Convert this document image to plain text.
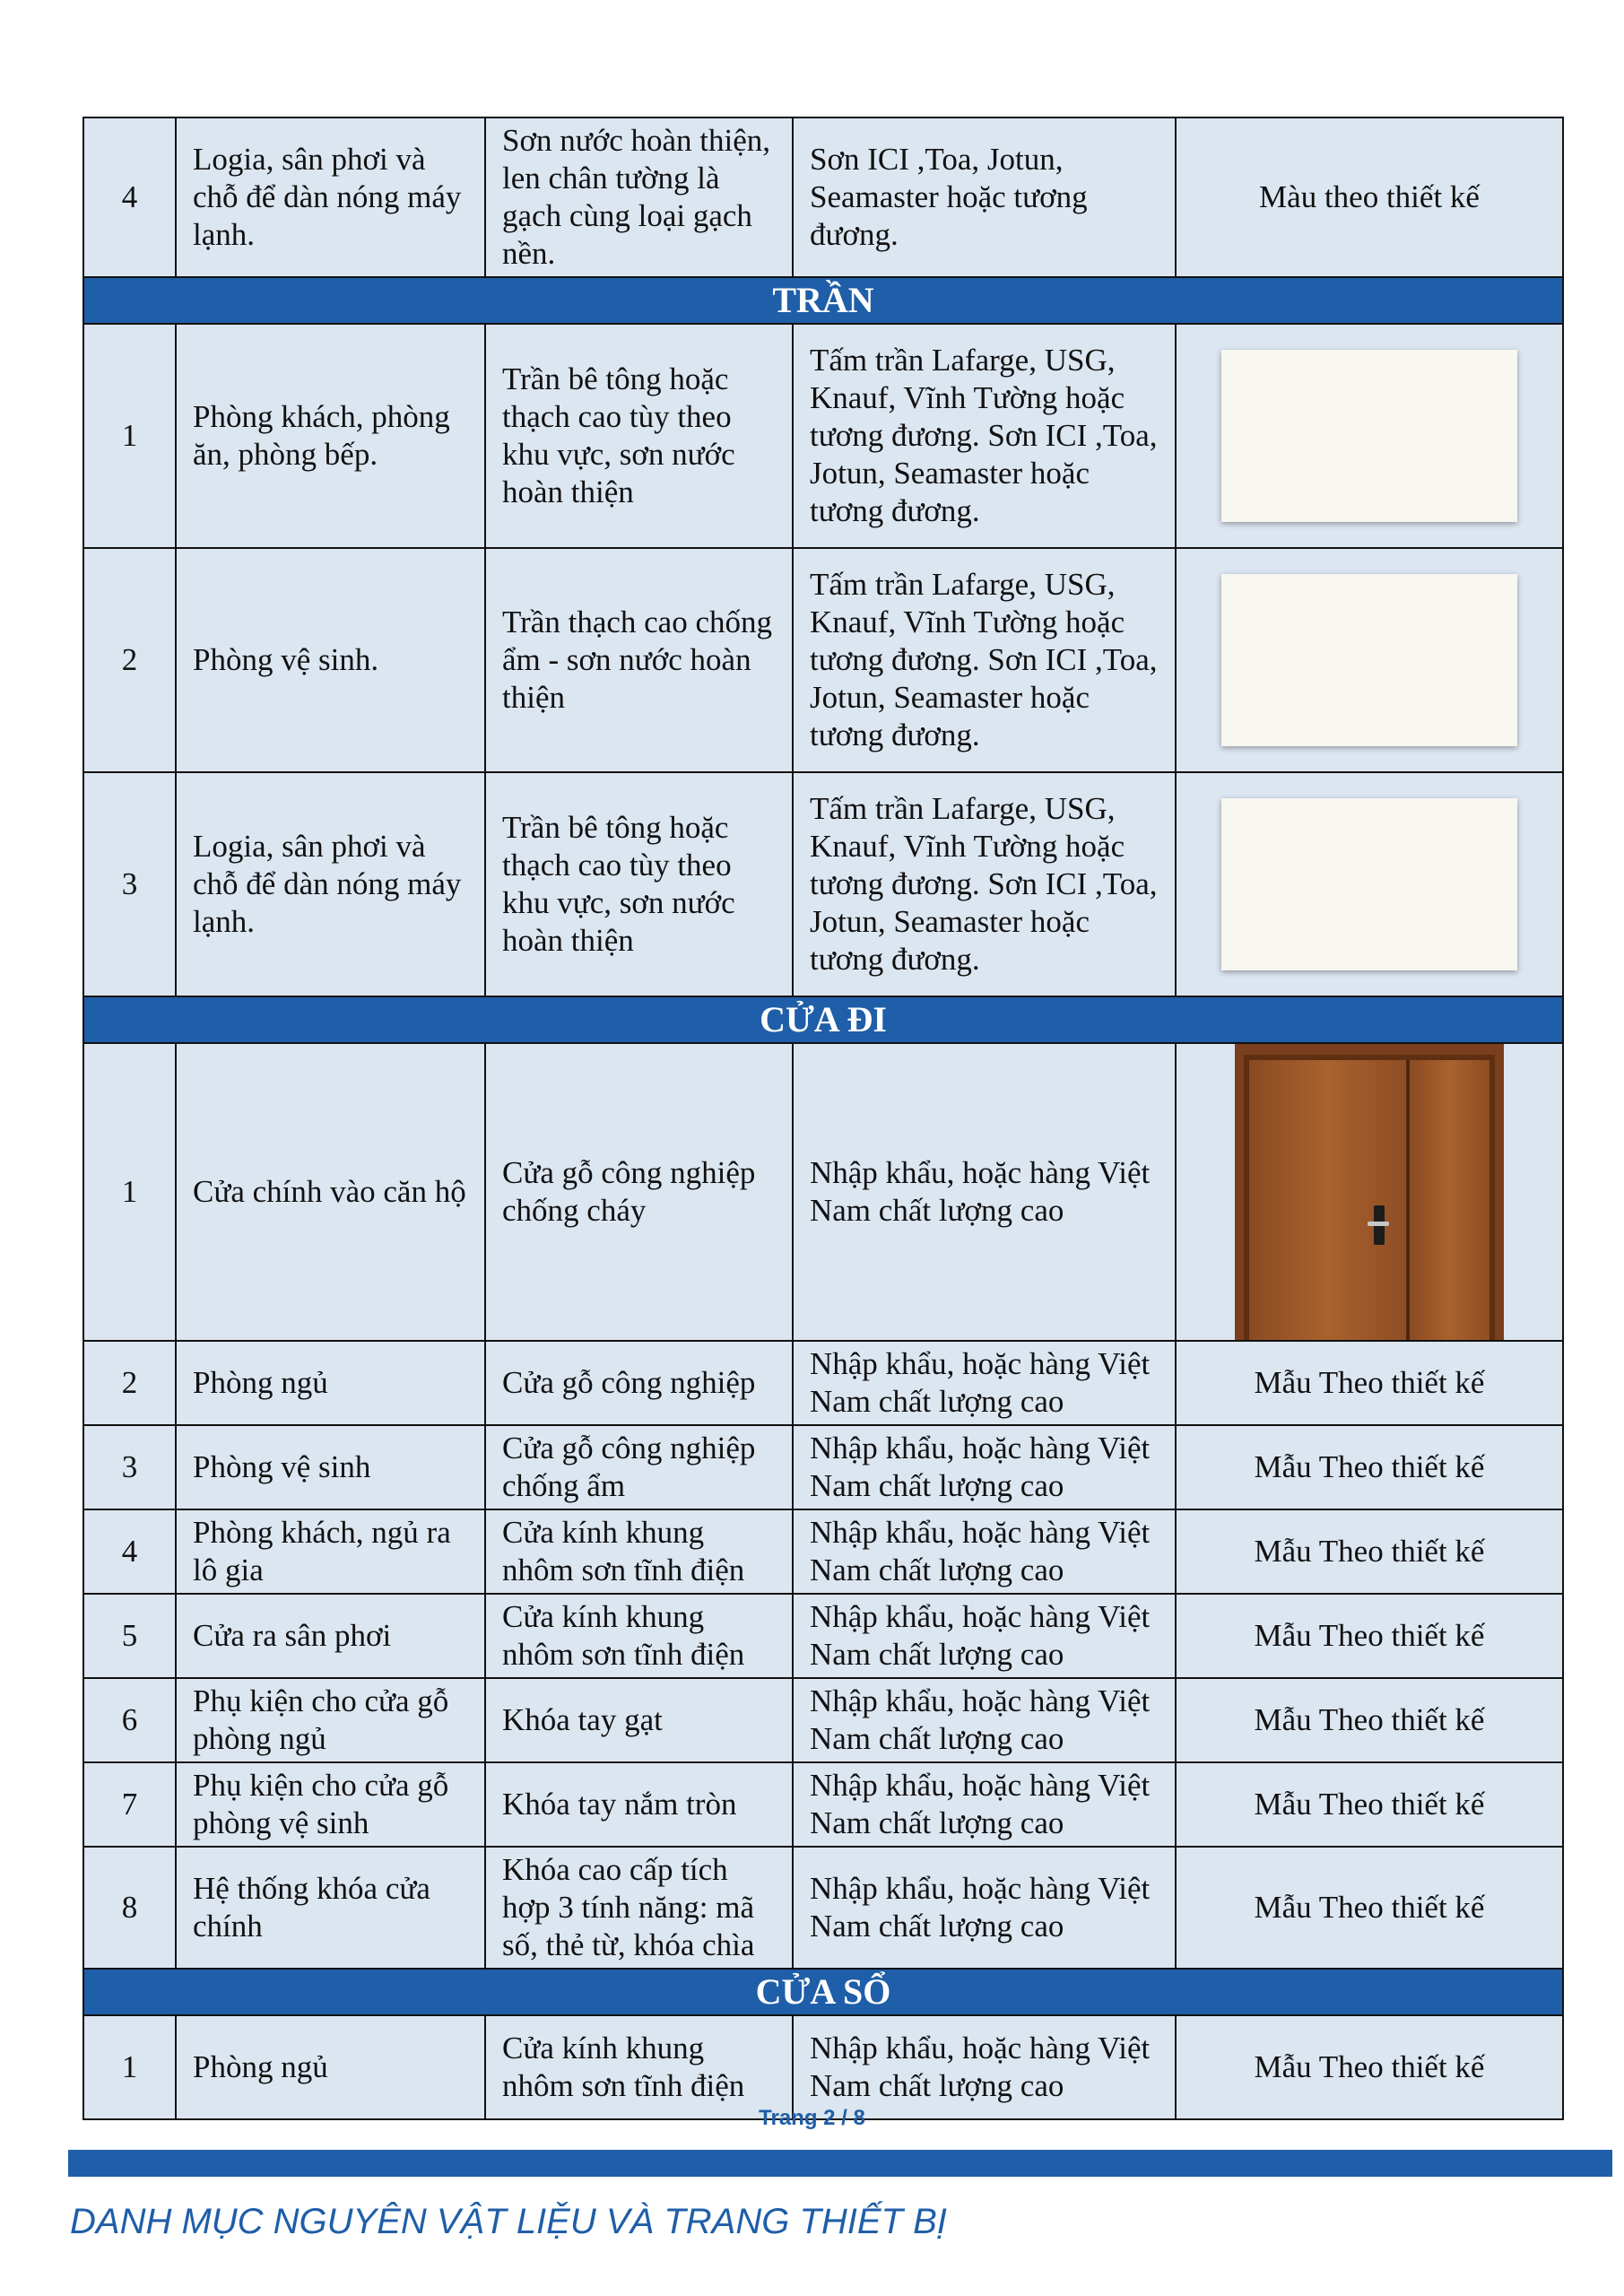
4	Logia, sân phơi và chỗ để dàn nóng máy lạnh.	Sơn nước hoàn thiện, len chân tường là gạch cùng loại gạch nền.	Sơn ICI ,Toa, Jotun, Seamaster hoặc tương đương.	Màu theo thiết kế
TRẦN				
1	Phòng khách, phòng ăn, phòng bếp.	Trần bê tông hoặc thạch cao tùy theo khu vực, sơn nước hoàn thiện	Tấm trần Lafarge, USG, Knauf, Vĩnh Tường hoặc tương đương. Sơn ICI ,Toa, Jotun, Seamaster hoặc tương đương.	
2	Phòng vệ sinh.	Trần thạch cao chống ẩm - sơn nước hoàn thiện	Tấm trần Lafarge, USG, Knauf, Vĩnh Tường hoặc tương đương. Sơn ICI ,Toa, Jotun, Seamaster hoặc tương đương.	
3	Logia, sân phơi và chỗ để dàn nóng máy lạnh.	Trần bê tông hoặc thạch cao tùy theo khu vực, sơn nước hoàn thiện	Tấm trần Lafarge, USG, Knauf, Vĩnh Tường hoặc tương đương. Sơn ICI ,Toa, Jotun, Seamaster hoặc tương đương.	
CỬA ĐI				
1	Cửa chính vào căn hộ	Cửa gỗ công nghiệp chống cháy	Nhập khẩu, hoặc hàng Việt Nam chất lượng cao	
2	Phòng ngủ	Cửa gỗ công nghiệp	Nhập khẩu, hoặc hàng Việt Nam chất lượng cao	Mẫu Theo thiết kế
3	Phòng vệ sinh	Cửa gỗ công nghiệp chống ẩm	Nhập khẩu, hoặc hàng Việt Nam chất lượng cao	Mẫu Theo thiết kế
4	Phòng khách, ngủ ra lô gia	Cửa kính khung nhôm sơn tĩnh điện	Nhập khẩu, hoặc hàng Việt Nam chất lượng cao	Mẫu Theo thiết kế
5	Cửa ra sân phơi	Cửa kính khung nhôm sơn tĩnh điện	Nhập khẩu, hoặc hàng Việt Nam chất lượng cao	Mẫu Theo thiết kế
6	Phụ kiện cho cửa gỗ phòng ngủ	Khóa tay gạt	Nhập khẩu, hoặc hàng Việt Nam chất lượng cao	Mẫu Theo thiết kế
7	Phụ kiện cho cửa gỗ phòng vệ sinh	Khóa tay nắm tròn	Nhập khẩu, hoặc hàng Việt Nam chất lượng cao	Mẫu Theo thiết kế
8	Hệ thống khóa cửa chính	Khóa cao cấp tích hợp 3 tính năng: mã số, thẻ từ, khóa chìa	Nhập khẩu, hoặc hàng Việt Nam chất lượng cao	Mẫu Theo thiết kế
CỬA SỔ				
1	Phòng ngủ	Cửa kính khung nhôm sơn tĩnh điện	Nhập khẩu, hoặc hàng Việt Nam chất lượng cao	Mẫu Theo thiết kế
Trang 2 / 8
DANH MỤC NGUYÊN VẬT LIỆU VÀ TRANG THIẾT BỊ
